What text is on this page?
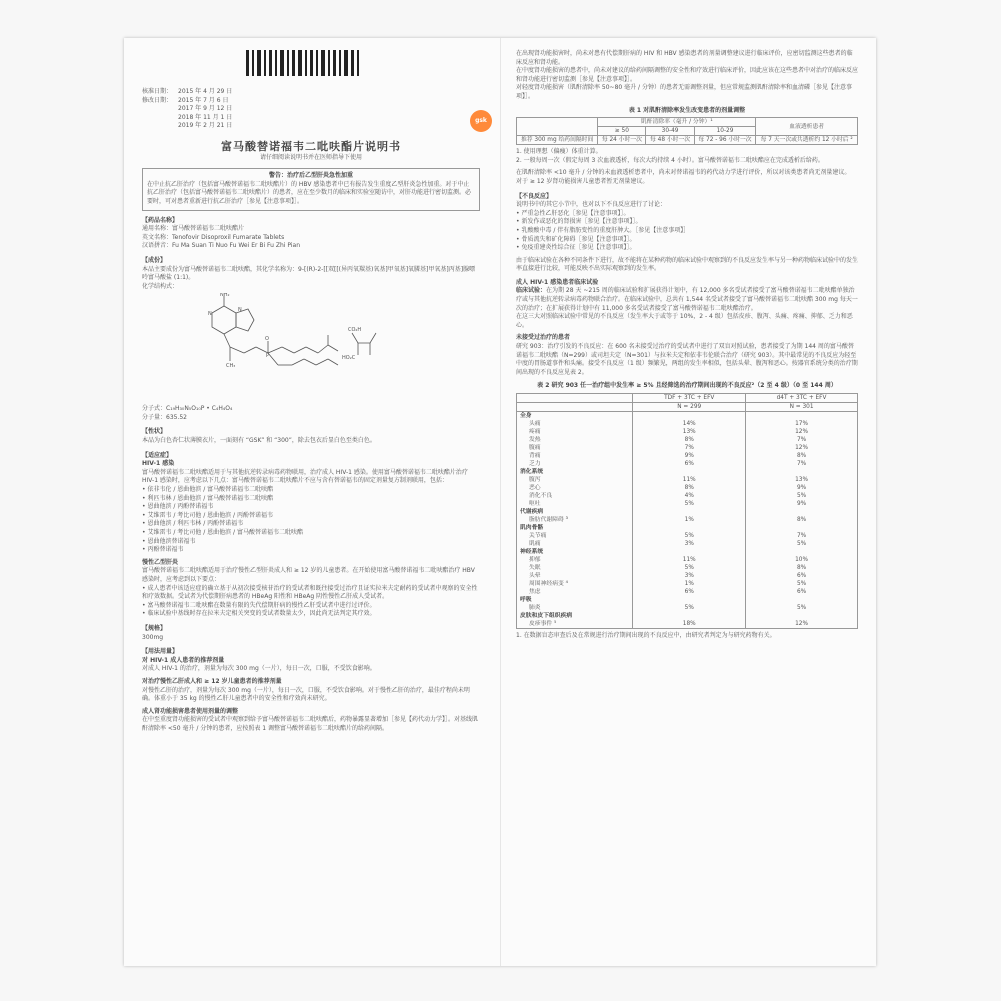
gsk
核准日期： 2015 年 4 月 29 日
修改日期： 2015 年 7 月 6 日
2017 年 9 月 12 日
2018 年 11 月 1 日
2019 年 2 月 21 日
富马酸替诺福韦二吡呋酯片说明书
请仔细阅读说明书并在医师指导下使用
警告：治疗后乙型肝炎急性加重

在中止抗乙肝治疗（包括富马酸替诺福韦二吡呋酯片）的 HBV 感染患者中已有报告发生重度乙型肝炎急性加重。对于中止抗乙肝治疗（包括富马酸替诺福韦二吡呋酯片）的患者，应在至少数月的临床和实验室随访中，对肝功能进行密切监测。必要时，可对患者重新进行抗乙肝治疗［参见【注意事项】］。

【药品名称】
通用名称：富马酸替诺福韦二吡呋酯片
英文名称：Tenofovir Disoproxil Fumarate Tablets
汉语拼音：Fu Ma Suan Ti Nuo Fu Wei Er Bi Fu Zhi Pian
【成份】

本品主要成份为富马酸替诺福韦二吡呋酯，其化学名称为：9-[(R)-2-[[双[[(异丙氧羰基)氧基]甲氧基]氧膦基]甲氧基]丙基]腺嘌呤富马酸盐 (1:1)。

化学结构式：
NH₂
N
N
O
P
CO₂H
HO₂C
CH₃
分子式：C₁₉H₃₀N₅O₁₀P • C₄H₄O₄
分子量：635.52
【性状】

本品为白色杏仁状薄膜衣片，一面刻有 “GSK” 和 “300”，除去包衣后显白色至类白色。

【适应症】
HIV-1 感染

富马酸替诺福韦二吡呋酯适用于与其他抗逆转录病毒药物联用，治疗成人 HIV-1 感染。使用富马酸替诺福韦二吡呋酯片治疗 HIV-1 感染时，应考虑以下几点：富马酸替诺福韦二吡呋酯片不应与含有替诺福韦的固定剂量复方制剂联用，包括：

• 依非韦伦 / 恩曲他滨 / 富马酸替诺福韦二吡呋酯
• 利匹韦林 / 恩曲他滨 / 富马酸替诺福韦二吡呋酯
• 恩曲他滨 / 丙酚替诺福韦
• 艾维雷韦 / 考比司他 / 恩曲他滨 / 丙酚替诺福韦
• 恩曲他滨 / 利匹韦林 / 丙酚替诺福韦
• 艾维雷韦 / 考比司他 / 恩曲他滨 / 富马酸替诺福韦二吡呋酯
• 恩曲他滨替诺福韦
• 丙酚替诺福韦
慢性乙型肝炎

富马酸替诺福韦二吡呋酯适用于治疗慢性乙型肝炎成人和 ≥ 12 岁的儿童患者。在开始使用富马酸替诺福韦二吡呋酯治疗 HBV 感染时，应考虑到以下要点：

• 成人患者中该适应症的确立基于从初次接受核苷治疗的受试者和既往接受过治疗且证实拉米夫定耐药的受试者中观察的安全性和疗效数据。受试者为代偿期肝病患者的 HBeAg 阳性和 HBeAg 阴性慢性乙肝成人受试者。
• 富马酸替诺福韦二吡呋酯在数量有限的失代偿期肝病的慢性乙肝受试者中进行过评价。
• 临床试验中基线时存在拉米夫定相关突变的受试者数量太少，因此尚无法判定其疗效。
【规格】
300mg
【用法用量】
对 HIV-1 成人患者的推荐剂量

对成人 HIV-1 的治疗，剂量为每次 300 mg（一片），每日一次，口服，不受饮食影响。

对治疗慢性乙肝成人和 ≥ 12 岁儿童患者的推荐剂量

对慢性乙肝的治疗，剂量为每次 300 mg（一片），每日一次，口服，不受饮食影响。对于慢性乙肝的治疗，最佳疗程尚未明确。体重小于 35 kg 的慢性乙肝儿童患者中的安全性和疗效尚未研究。

成人肾功能损害患者使用剂量的调整

在中至重度肾功能损害的受试者中观察到给予富马酸替诺福韦二吡呋酯后，药物暴露显著增加［参见【药代动力学】］。对基线肌酐清除率 <50 毫升 / 分钟的患者，应按照表 1 调整富马酸替诺福韦二吡呋酯片的给药间隔。

在出现肾功能损害时，尚未对患有代偿期肝病的 HIV 和 HBV 感染患者的剂量调整建议进行临床评价，应密切监测这些患者的临床反应和肾功能。

在中度肾功能损害的患者中，尚未对建议的给药间隔调整的安全性和疗效进行临床评价，因此应该在这些患者中对治疗的临床反应和肾功能进行密切监测［参见【注意事项】］。

对轻度肾功能损害（肌酐清除率 50~80 毫升 / 分钟）的患者无需调整剂量，但应常规监测肌酐清除率和血清磷［参见【注意事项】］。

表 1 对肌酐清除率发生改变患者的剂量调整
	肌酐清除率（毫升 / 分钟）¹			血液透析患者
	≥ 50	30-49	10-29	
推荐 300 mg 给药间隔时间	每 24 小时一次	每 48 小时一次	每 72 - 96 小时一次	每 7 天一次或共透析约 12 小时后 ²
1. 使用理想（偏瘦）体重计算。
2. 一般每周一次（假定每周 3 次血液透析，每次大约持续 4 小时）。富马酸替诺福韦二吡呋酯应在完成透析后给药。

在肌酐清除率 <10 毫升 / 分钟的未血液透析患者中，尚未对替诺福韦的药代动力学进行评价，所以对该类患者尚无剂量建议。

对于 ≥ 12 岁肾功能损害儿童患者暂无剂量建议。

【不良反应】

说明书中的其它小节中，也对以下不良反应进行了讨论：

• 严重急性乙肝恶化［参见【注意事项】］。
• 新发作或恶化的肾损害［参见【注意事项】］。
• 乳酸酸中毒 / 伴有脂肪变性的重度肝肿大。［参见【注意事项】］
• 骨质流失和矿化障碍［参见【注意事项】］。
• 免疫重建炎性综合征［参见【注意事项】］。

由于临床试验在各种不同条件下进行，故不能将在某种药物的临床试验中观察到的不良反应发生率与另一种药物临床试验中的发生率直接进行比较，可能反映不出实际观察到的发生率。

成人 HIV-1 感染患者临床试验

临床试验：在为期 28 天 ~215 周的临床试验和扩展获得计划中，有 12,000 多名受试者接受了富马酸替诺福韦二吡呋酯单独治疗或与其他抗逆转录病毒药物联合治疗。在临床试验中，总共有 1,544 名受试者接受了富马酸替诺福韦二吡呋酯 300 mg 每天一次的治疗；在扩展获得计划中有 11,000 多名受试者接受了富马酸替诺福韦二吡呋酯治疗。

在这三大对照临床试验中常见的不良反应（发生率大于或等于 10%，2 - 4 级）包括皮疹、腹泻、头痛、疼痛、抑郁、乏力和恶心。

未接受过治疗的患者

研究 903：治疗引发的不良反应：在 600 名未接受过治疗的受试者中进行了双盲对照试验，患者接受了为期 144 周的富马酸替诺福韦二吡呋酯（N=299）或司坦夫定（N=301）与拉米夫定和依非韦伦联合治疗（研究 903）。其中最常见的不良反应为轻至中度的胃肠道事件和头痛。接受不良反应（1 级）频繁见，两组的发生率相似，包括头晕、腹泻和恶心。按器官系统分类的治疗期间出现的不良反应见表 2。

表 2 研究 903 任一治疗组中发生率 ≥ 5% 且经筛选的治疗期间出现的不良反应²（2 至 4 级）（0 至 144 周）
	TDF + 3TC + EFV	d4T + 3TC + EFV
	N = 299	N = 301
全身		
头痛	14%	17%
疼痛	13%	12%
发热	8%	7%
腹痛	7%	12%
背痛	9%	8%
乏力	6%	7%
消化系统		
腹泻	11%	13%
恶心	8%	9%
消化不良	4%	5%
呕吐	5%	9%
代谢疾病		
脂肪代谢障碍 ³	1%	8%
肌肉骨骼		
关节痛	5%	7%
肌痛	3%	5%
神经系统		
抑郁	11%	10%
失眠	5%	8%
头晕	3%	6%
周围神经病变 ⁴	1%	5%
焦虑	6%	6%
呼吸		
肺炎	5%	5%
皮肤和皮下组织疾病		
皮疹事件 ⁵	18%	12%
1. 在数据盲态审查后及在常规进行治疗期间出现的不良反应中，由研究者判定为与研究药物有关。
